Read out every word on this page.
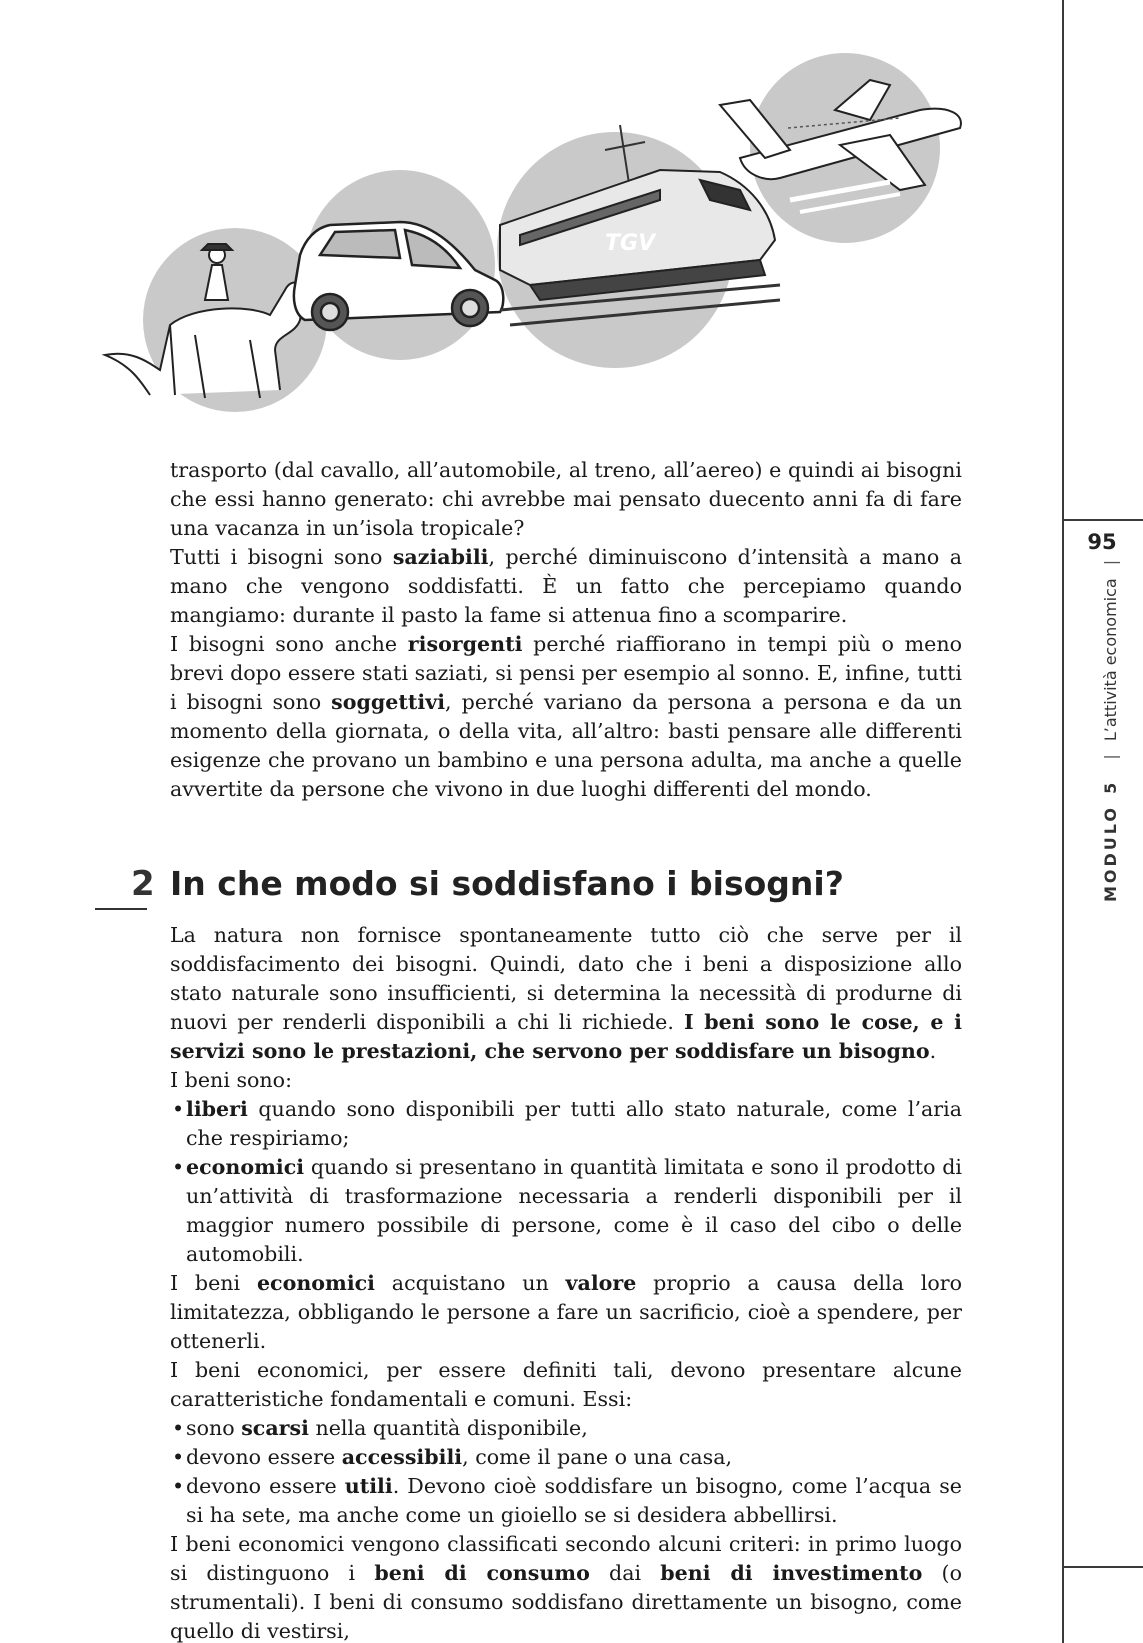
95
MODULO 5 | L’attività economica |
TGV

trasporto (dal cavallo, all’automobile, al treno, all’aereo) e quindi ai bisogni che essi hanno generato: chi avrebbe mai pensato duecento anni fa di fare una vacanza in un’isola tropicale?

Tutti i bisogni sono saziabili, perché diminuiscono d’intensità a mano a mano che vengono soddisfatti. È un fatto che percepiamo quando mangiamo: durante il pasto la fame si attenua fino a scomparire.

I bisogni sono anche risorgenti perché riaffiorano in tempi più o meno brevi dopo essere stati saziati, si pensi per esempio al sonno. E, infine, tutti i bisogni sono soggettivi, perché variano da persona a persona e da un momento della giornata, o della vita, all’altro: basti pensare alle differenti esigenze che provano un bambino e una persona adulta, ma anche a quelle avvertite da persone che vivono in due luoghi differenti del mondo.

2 In che modo si soddisfano i bisogni?

La natura non fornisce spontaneamente tutto ciò che serve per il soddisfacimento dei bisogni. Quindi, dato che i beni a disposizione allo stato naturale sono insufficienti, si determina la necessità di produrne di nuovi per renderli disponibili a chi li richiede. I beni sono le cose, e i servizi sono le prestazioni, che servono per soddisfare un bisogno.

I beni sono:

• liberi quando sono disponibili per tutti allo stato naturale, come l’aria che respiriamo;
• economici quando si presentano in quantità limitata e sono il prodotto di un’attività di trasformazione necessaria a renderli disponibili per il maggior numero possibile di persone, come è il caso del cibo o delle automobili.

I beni economici acquistano un valore proprio a causa della loro limitatezza, obbligando le persone a fare un sacrificio, cioè a spendere, per ottenerli.

I beni economici, per essere definiti tali, devono presentare alcune caratteristiche fondamentali e comuni. Essi:

• sono scarsi nella quantità disponibile,
• devono essere accessibili, come il pane o una casa,
• devono essere utili. Devono cioè soddisfare un bisogno, come l’acqua se si ha sete, ma anche come un gioiello se si desidera abbellirsi.

I beni economici vengono classificati secondo alcuni criteri: in primo luogo si distinguono i beni di consumo dai beni di investimento (o strumentali). I beni di consumo soddisfano direttamente un bisogno, come quello di vestirsi,
